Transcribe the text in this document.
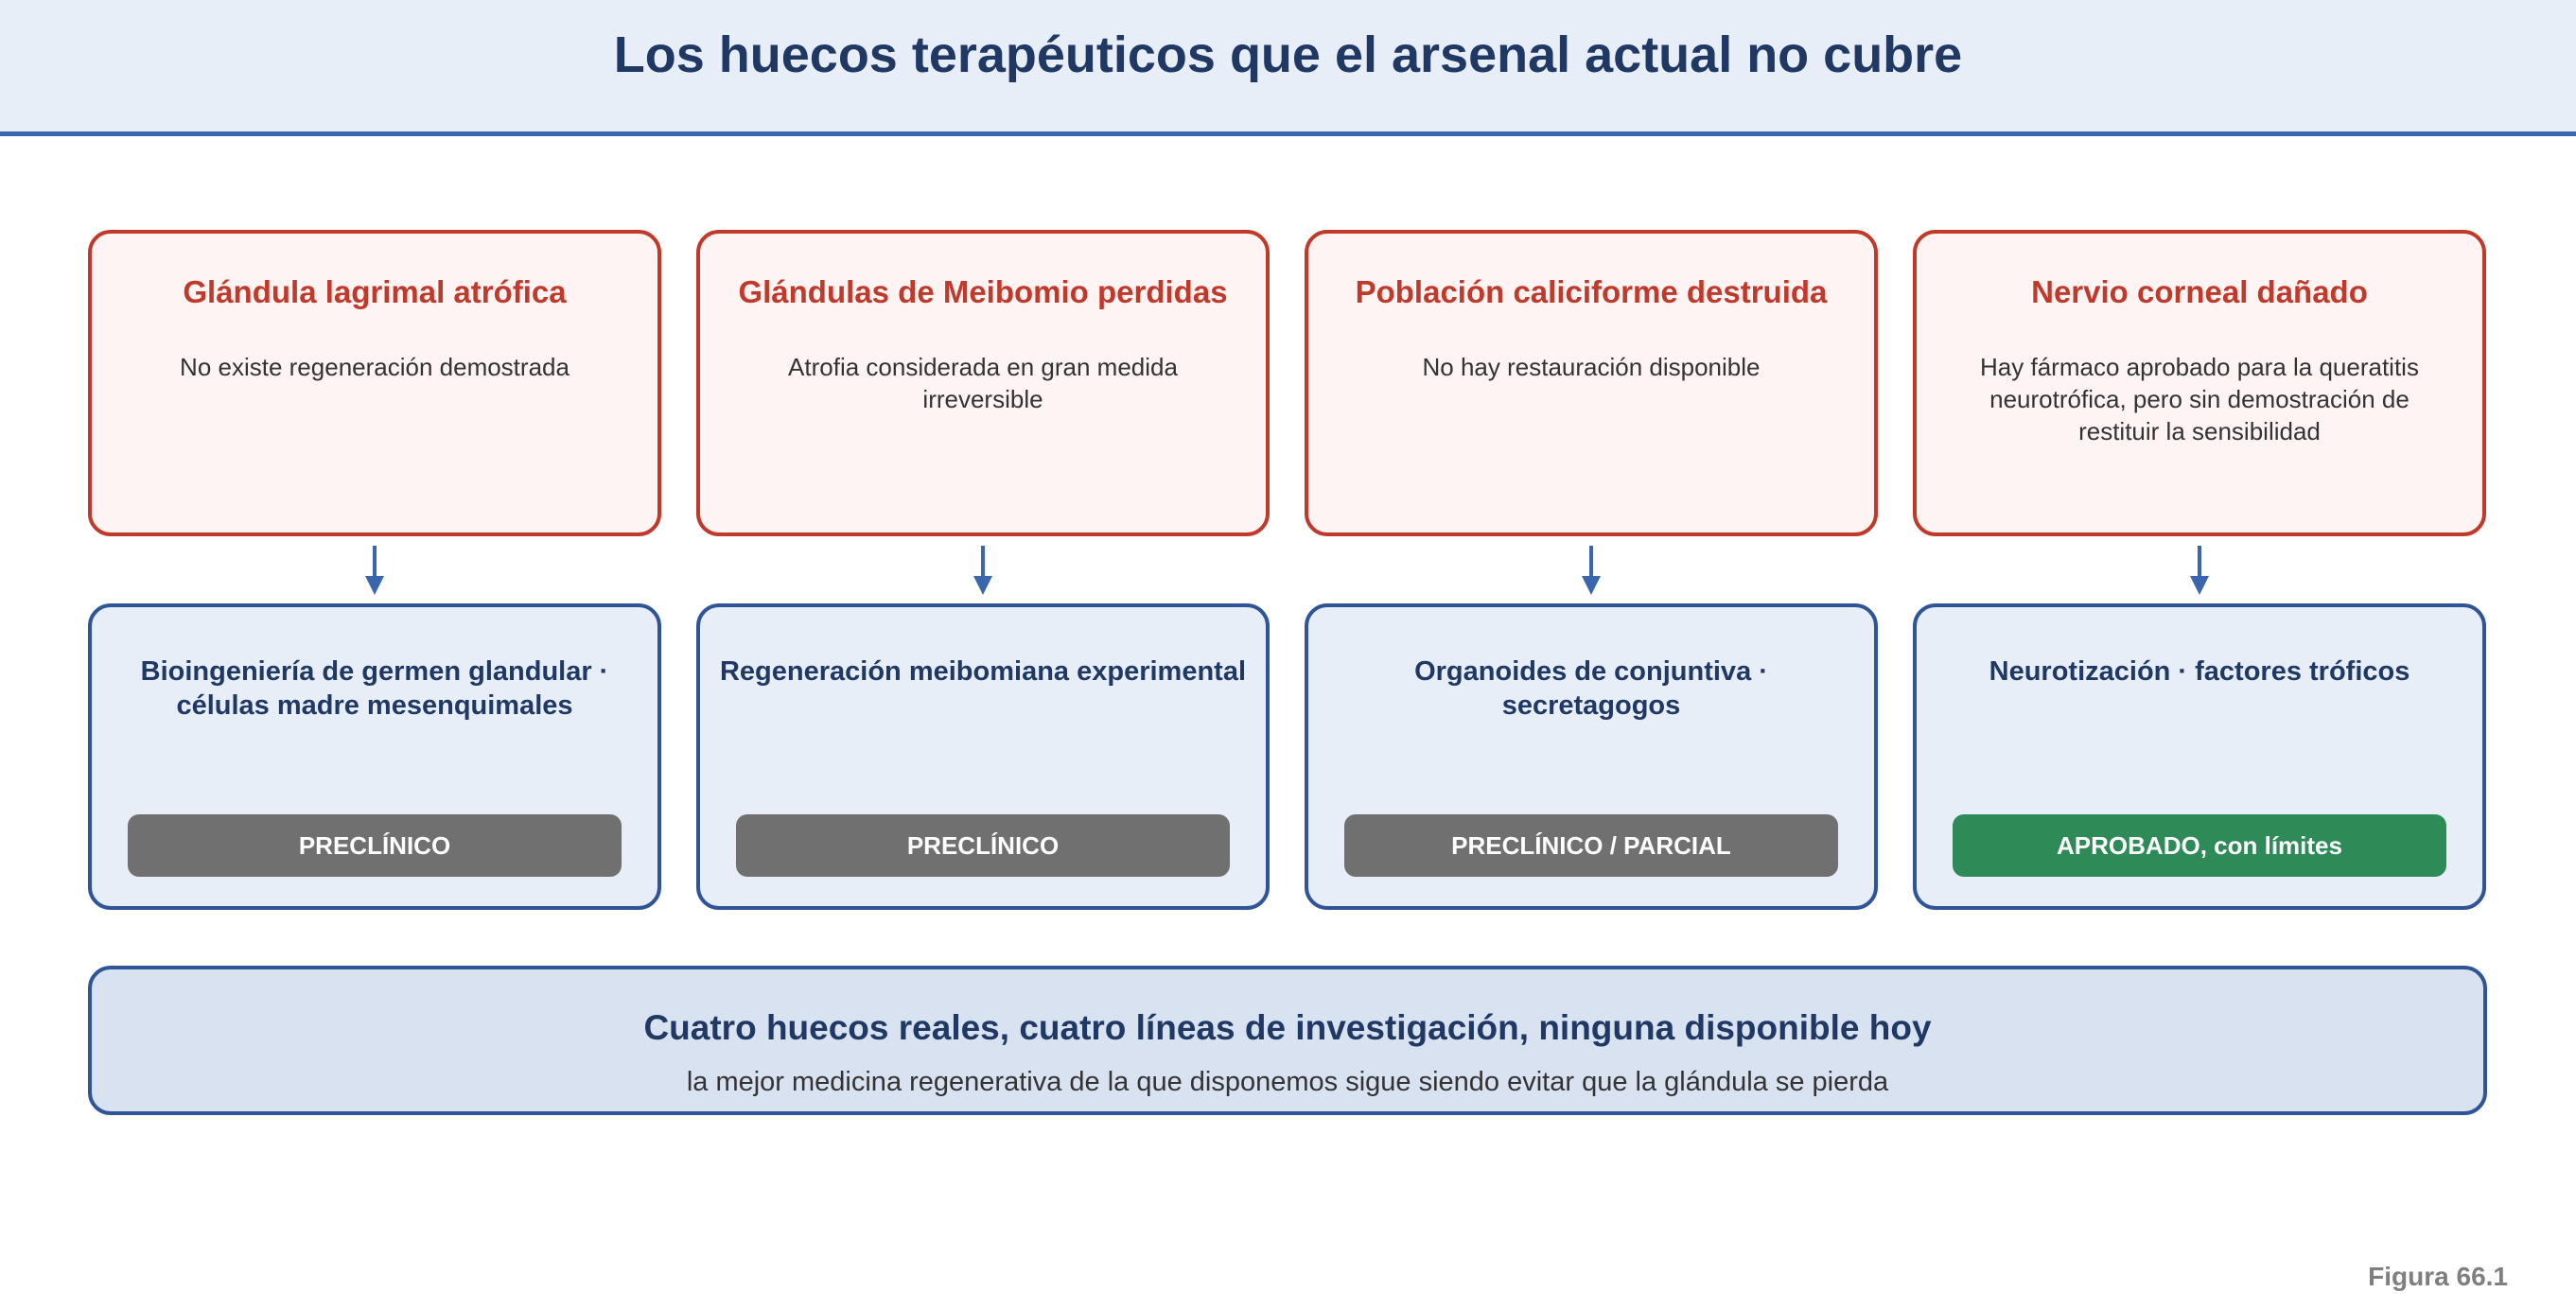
Los huecos terapéuticos que el arsenal actual no cubre
Glándula lagrimal atrófica
No existe regeneración demostrada
Bioingeniería de germen glandular · células madre mesenquimales
PRECLÍNICO
Glándulas de Meibomio perdidas
Atrofia considerada en gran medida irreversible
Regeneración meibomiana experimental
PRECLÍNICO
Población caliciforme destruida
No hay restauración disponible
Organoides de conjuntiva · secretagogos
PRECLÍNICO / PARCIAL
Nervio corneal dañado
Hay fármaco aprobado para la queratitis neurotrófica, pero sin demostración de restituir la sensibilidad
Neurotización · factores tróficos
APROBADO, con límites
Cuatro huecos reales, cuatro líneas de investigación, ninguna disponible hoy
la mejor medicina regenerativa de la que disponemos sigue siendo evitar que la glándula se pierda
Figura 66.1
